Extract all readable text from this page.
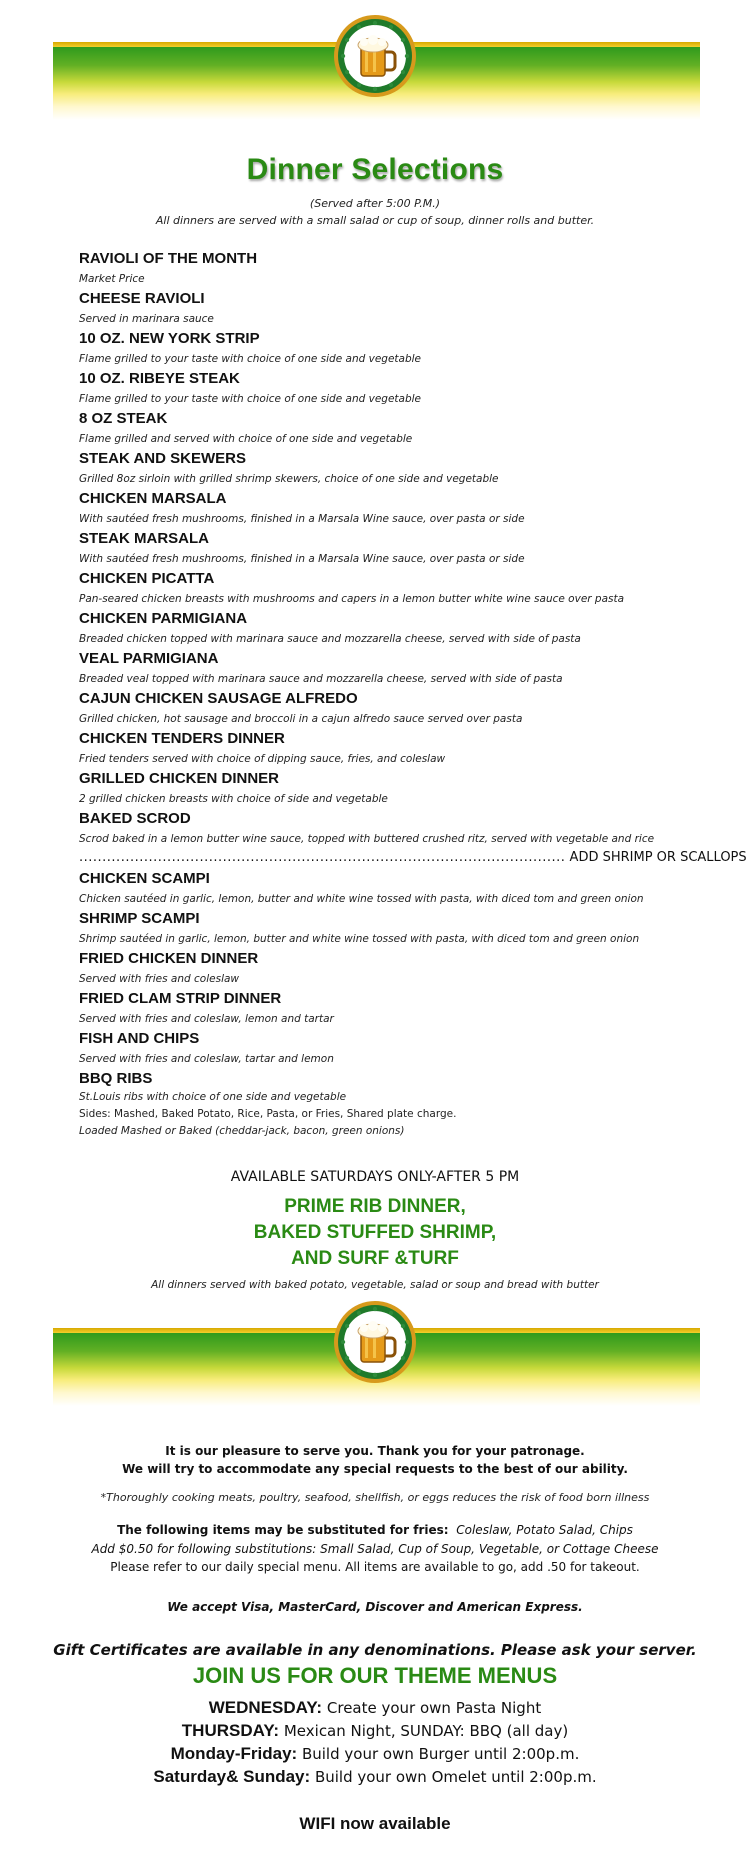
Dinner Selections
(Served after 5:00 P.M.)
All dinners are served with a small salad or cup of soup, dinner rolls and butter.
RAVIOLI OF THE MONTH
Market Price
CHEESE RAVIOLI
Served in marinara sauce
10 OZ. NEW YORK STRIP
Flame grilled to your taste with choice of one side and vegetable
10 OZ. RIBEYE STEAK
Flame grilled to your taste with choice of one side and vegetable
8 OZ STEAK
Flame grilled and served with choice of one side and vegetable
STEAK AND SKEWERS
Grilled 8oz sirloin with grilled shrimp skewers, choice of one side and vegetable
CHICKEN MARSALA
With sautéed fresh mushrooms, finished in a Marsala Wine sauce, over pasta or side
STEAK MARSALA
With sautéed fresh mushrooms, finished in a Marsala Wine sauce, over pasta or side
CHICKEN PICATTA
Pan-seared chicken breasts with mushrooms and capers in a lemon butter white wine sauce over pasta
CHICKEN PARMIGIANA
Breaded chicken topped with marinara sauce and mozzarella cheese, served with side of pasta
VEAL PARMIGIANA
Breaded veal topped with marinara sauce and mozzarella cheese, served with side of pasta
CAJUN CHICKEN SAUSAGE ALFREDO
Grilled chicken, hot sausage and broccoli in a cajun alfredo sauce served over pasta
CHICKEN TENDERS DINNER
Fried tenders served with choice of dipping sauce, fries, and coleslaw
GRILLED CHICKEN DINNER
2 grilled chicken breasts with choice of side and vegetable
BAKED SCROD
Scrod baked in a lemon butter wine sauce, topped with buttered crushed ritz, served with vegetable and rice
......................................................................................................... ADD SHRIMP OR SCALLOPS
CHICKEN SCAMPI
Chicken sautéed in garlic, lemon, butter and white wine tossed with pasta, with diced tom and green onion
SHRIMP SCAMPI
Shrimp sautéed in garlic, lemon, butter and white wine tossed with pasta, with diced tom and green onion
FRIED CHICKEN DINNER
Served with fries and coleslaw
FRIED CLAM STRIP DINNER
Served with fries and coleslaw, lemon and tartar
FISH AND CHIPS
Served with fries and coleslaw, tartar and lemon
BBQ RIBS
St.Louis ribs with choice of one side and vegetable
Sides: Mashed, Baked Potato, Rice, Pasta, or Fries, Shared plate charge.
Loaded Mashed or Baked (cheddar-jack, bacon, green onions)
AVAILABLE SATURDAYS ONLY-AFTER 5 PM
PRIME RIB DINNER,
BAKED STUFFED SHRIMP,
AND SURF &TURF
All dinners served with baked potato, vegetable, salad or soup and bread with butter
It is our pleasure to serve you. Thank you for your patronage.
We will try to accommodate any special requests to the best of our ability.
*Thoroughly cooking meats, poultry, seafood, shellfish, or eggs reduces the risk of food born illness
The following items may be substituted for fries: Coleslaw, Potato Salad, Chips
Add $0.50 for following substitutions: Small Salad, Cup of Soup, Vegetable, or Cottage Cheese
Please refer to our daily special menu. All items are available to go, add .50 for takeout.
We accept Visa, MasterCard, Discover and American Express.
Gift Certificates are available in any denominations. Please ask your server.
JOIN US FOR OUR THEME MENUS
WEDNESDAY: Create your own Pasta Night
THURSDAY: Mexican Night, SUNDAY: BBQ (all day)
Monday-Friday: Build your own Burger until 2:00p.m.
Saturday& Sunday: Build your own Omelet until 2:00p.m.
WIFI now available
